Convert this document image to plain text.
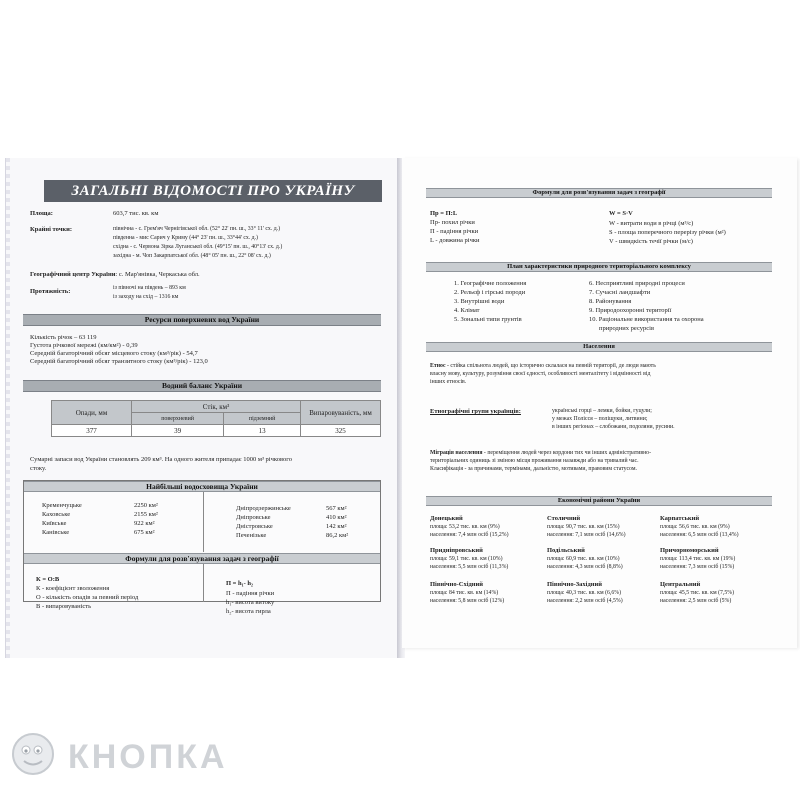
ЗАГАЛЬНІ ВІДОМОСТІ ПРО УКРАЇНУ
Площа:	603,7 тис. кв. км
Крайні точки:	північна - с. Грем'яч Чернігівської обл. (52° 22' пн. ш., 33° 11' сх. д.)
південна - мис Сарич у Криму (44° 23' пн. ш., 33°44' сх. д.)
східна - с. Червона Зірка Луганської обл. (49°15' пн. ш., 40°13' сх. д.)
західна - м. Чоп Закарпатської обл. (48° 05' пн. ш., 22° 08' сх. д.)
Географічний центр України: с. Мар'янівка, Черкаська обл.
Протяжність:	із півночі на південь – 893 км
із заходу на схід – 1316 км
Ресурси поверхневих вод України
Кількість річок – 63 119
Густота річкової мережі (км/км²) - 0,39
Середній багаторічний обсяг місцевого стоку (км³/рік) - 54,7
Середній багаторічний обсяг транзитного стоку (км³/рік) - 123,0
Водний баланс України
Опади, мм	Стік, км³		Випаровуваність, мм
	поверхневий	підземний	
377	39	13	325
Сумарні запаси вод України становлять 209 км³. На одного жителя припадає 1000 м³ річкового
стоку.
Найбільші водосховища України
Кременчуцьке	2250 км²
Каховське	2155 км²
Київське	922 км²
Канівське	675 км²
Дніпродзержинське	567 км²
Дніпровське	410 км²
Дністровське	142 км²
Печенізьке	86,2 км²
Формули для розв'язування задач з географії
К = О:В
К - коефіцієнт зволоження
О - кількість опадів за певний період
В - випаровуваність
П = h₁- h₂
П - падіння річки
h₁- висота витоку
h₂- висота гирла
Формули для розв'язування задач з географії
Пр = П:L
Пр- похил річки
П - падіння річки
L - довжина річки
W = S·V
W - витрати води в річці (м³/с)
S - площа поперечного перерізу річки (м²)
V - швидкість течії річки (м/с)
План характеристики природного територіального комплексу
1. Географічне положення
2. Рельєф і гірські породи
3. Внутрішні води
4. Клімат
5. Зональні типи грунтів
6. Несприятливі природні процеси
7. Сучасні ландшафти
8. Районування
9. Природоохоронні території
10. Раціональне використання та охорона
природних ресурсів
Населення
Етнос - стійка спільнота людей, що історично склалася на певній території, де люди мають
власну мову, культуру, розуміння своєї єдності, особливості менталітету і відмінності від
інших етносів.
Етнографічні групи українців:	українські горці – лемки, бойки, гуцули;
у межах Полісся – поліщуки, литвини;
в інших регіонах – слобожани, подоляни, русини.
Міграція населення - переміщення людей через кордони тих чи інших адміністративно-
територіальних одиниць зі зміною місця проживання назавжди або на тривалий час.
Класифікація - за причинами, термінами, дальністю, мотивами, правовим статусом.
Економічні райони України
Донецький
площа: 53,2 тис. кв. км (9%)
населення: 7,4 млн осіб (15,2%)
Столичний
площа: 90,7 тис. кв. км (15%)
населення: 7,1 млн осіб (14,6%)
Карпатський
площа: 56,6 тис. кв. км (9%)
населення: 6,5 млн осіб (13,4%)
Придніпровський
площа: 59,1 тис. кв. км (10%)
населення: 5,5 млн осіб (11,3%)
Подільський
площа: 60,9 тис. кв. км (10%)
населення: 4,3 млн осіб (8,8%)
Причорноморський
площа: 113,4 тис. кв. км (19%)
населення: 7,3 млн осіб (15%)
Північно-Східний
площа: 84 тис. кв. км (14%)
населення: 5,8 млн осіб (12%)
Північно-Західний
площа: 40,3 тис. кв. км (6,6%)
населення: 2,2 млн осіб (4,5%)
Центральний
площа: 45,5 тис. кв. км (7,5%)
населення: 2,5 млн осіб (5%)
КНОПКА
